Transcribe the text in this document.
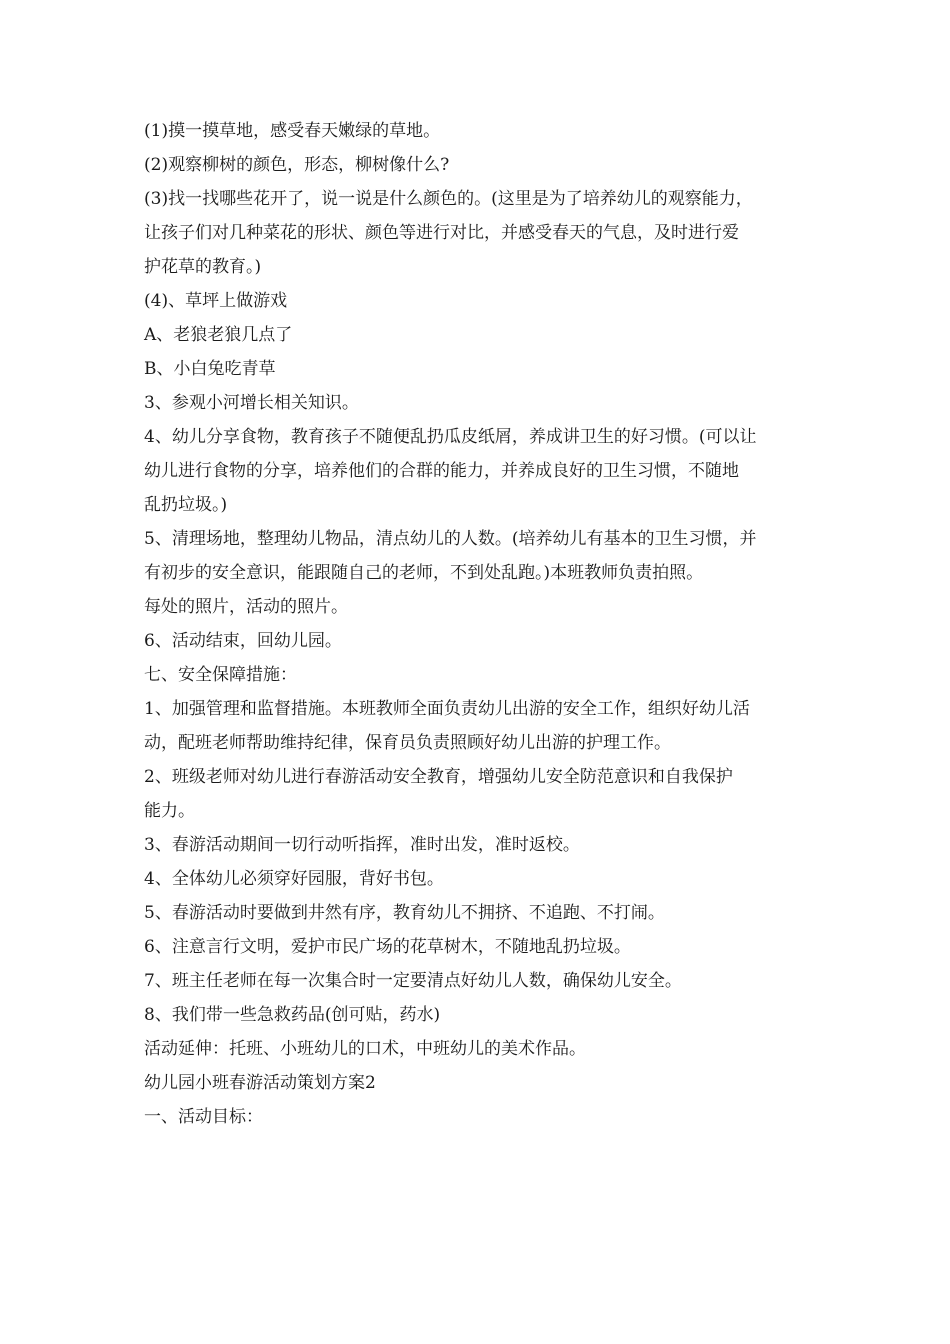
(1)摸一摸草地，感受春天嫩绿的草地。

(2)观察柳树的颜色，形态，柳树像什么?

(3)找一找哪些花开了，说一说是什么颜色的。(这里是为了培养幼儿的观察能力，

让孩子们对几种菜花的形状、颜色等进行对比，并感受春天的气息，及时进行爱

护花草的教育。)

(4)、草坪上做游戏

A、老狼老狼几点了

B、小白兔吃青草

3、参观小河增长相关知识。

4、幼儿分享食物，教育孩子不随便乱扔瓜皮纸屑，养成讲卫生的好习惯。(可以让

幼儿进行食物的分享，培养他们的合群的能力，并养成良好的卫生习惯，不随地

乱扔垃圾。)

5、清理场地，整理幼儿物品，清点幼儿的人数。(培养幼儿有基本的卫生习惯，并

有初步的安全意识，能跟随自己的老师，不到处乱跑。)本班教师负责拍照。

每处的照片，活动的照片。

6、活动结束，回幼儿园。

七、安全保障措施：

1、加强管理和监督措施。本班教师全面负责幼儿出游的安全工作，组织好幼儿活

动，配班老师帮助维持纪律，保育员负责照顾好幼儿出游的护理工作。

2、班级老师对幼儿进行春游活动安全教育，增强幼儿安全防范意识和自我保护

能力。

3、春游活动期间一切行动听指挥，准时出发，准时返校。

4、全体幼儿必须穿好园服，背好书包。

5、春游活动时要做到井然有序，教育幼儿不拥挤、不追跑、不打闹。

6、注意言行文明，爱护市民广场的花草树木，不随地乱扔垃圾。

7、班主任老师在每一次集合时一定要清点好幼儿人数，确保幼儿安全。

8、我们带一些急救药品(创可贴，药水)

活动延伸：托班、小班幼儿的口术，中班幼儿的美术作品。

幼儿园小班春游活动策划方案2

一、活动目标：
